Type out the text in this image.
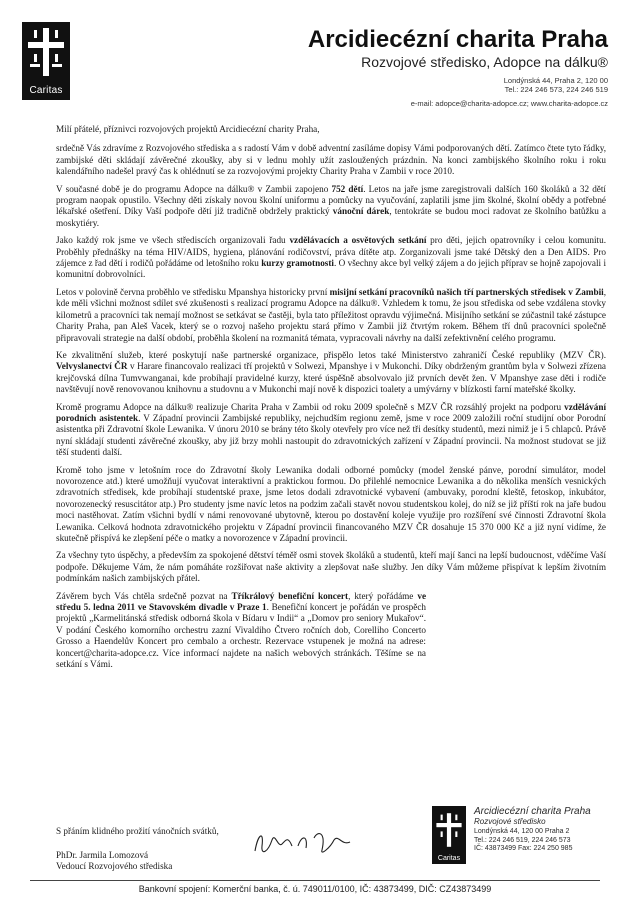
Caritas
Arcidiecézní charita Praha
Rozvojové středisko, Adopce na dálku®
Londýnská 44, Praha 2, 120 00
Tel.: 224 246 573, 224 246 519
e-mail: adopce@charita-adopce.cz; www.charita-adopce.cz

Milí přátelé, příznivci rozvojových projektů Arcidiecézní charity Praha,

srdečně Vás zdravíme z Rozvojového střediska a s radostí Vám v době adventní zasíláme dopisy Vámi podporovaných dětí. Zatímco čtete tyto řádky, zambijské děti skládají závěrečné zkoušky, aby si v lednu mohly užít zasloužených prázdnin. Na konci zambijského školního roku i roku kalendářního nadešel pravý čas k ohlédnutí se za rozvojovými projekty Charity Praha v Zambii v roce 2010.

V současné době je do programu Adopce na dálku® v Zambii zapojeno 752 dětí. Letos na jaře jsme zaregistrovali dalších 160 školáků a 32 dětí program naopak opustilo. Všechny děti získaly novou školní uniformu a pomůcky na vyučování, zaplatili jsme jim školné, školní obědy a potřebné lékařské ošetření. Díky Vaší podpoře dětí již tradičně obdržely praktický vánoční dárek, tentokráte se budou moci radovat ze školního batůžku a moskytiéry.

Jako každý rok jsme ve všech střediscích organizovali řadu vzdělávacích a osvětových setkání pro děti, jejich opatrovníky i celou komunitu. Proběhly přednášky na téma HIV/AIDS, hygiena, plánování rodičovství, práva dítěte atp. Zorganizovali jsme také Dětský den a Den AIDS. Pro zájemce z řad dětí i rodičů pořádáme od letošního roku kurzy gramotnosti. O všechny akce byl velký zájem a do jejich příprav se hojně zapojovali i komunitní dobrovolníci.

Letos v polovině června proběhlo ve středisku Mpanshya historicky první misijní setkání pracovníků našich tří partnerských středisek v Zambii, kde měli všichni možnost sdílet své zkušenosti s realizací programu Adopce na dálku®. Vzhledem k tomu, že jsou střediska od sebe vzdálena stovky kilometrů a pracovníci tak nemají možnost se setkávat se častěji, byla tato příležitost opravdu výjimečná. Misijního setkání se zúčastnil také zástupce Charity Praha, pan Aleš Vacek, který se o rozvoj našeho projektu stará přímo v Zambii již čtvrtým rokem. Během tří dnů pracovníci společně připravovali strategie na další období, proběhla školení na rozmanitá témata, vypracovali návrhy na další zefektivnění celého programu.

Ke zkvalitnění služeb, které poskytují naše partnerské organizace, přispělo letos také Ministerstvo zahraničí České republiky (MZV ČR). Velvyslanectví ČR v Harare financovalo realizaci tří projektů v Solwezi, Mpanshye i v Mukonchi. Díky obdrženým grantům byla v Solwezi zřízena krejčovská dílna Tumvwanganai, kde probíhají pravidelné kurzy, které úspěšně absolvovalo již prvních devět žen. V Mpanshye zase děti i rodiče navštěvují nově renovovanou knihovnu a studovnu a v Mukonchi mají nově k dispozici toalety a umývárny v blízkosti farní mateřské školky.

Kromě programu Adopce na dálku® realizuje Charita Praha v Zambii od roku 2009 společně s MZV ČR rozsáhlý projekt na podporu vzdělávání porodních asistentek. V Západní provincii Zambijské republiky, nejchudším regionu země, jsme v roce 2009 založili roční studijní obor Porodní asistentka při Zdravotní škole Lewanika. V únoru 2010 se brány této školy otevřely pro více než tři desítky studentů, mezi nimiž je i 5 chlapců. Právě nyní skládají studenti závěrečné zkoušky, aby již brzy mohli nastoupit do zdravotnických zařízení v Západní provincii. Na možnost studovat se již těší studenti další.

Kromě toho jsme v letošním roce do Zdravotní školy Lewanika dodali odborné pomůcky (model ženské pánve, porodní simulátor, model novorozence atd.) které umožňují vyučovat interaktivní a praktickou formou. Do přilehlé nemocnice Lewanika a do několika menších vesnických zdravotních středisek, kde probíhají studentské praxe, jsme letos dodali zdravotnické vybavení (ambuvaky, porodní kleště, fetoskop, inkubátor, novorozenecký resuscitátor atp.) Pro studenty jsme navíc letos na podzim začali stavět novou studentskou kolej, do níž se již příští rok na jaře budou moci nastěhovat. Zatím všichni bydlí v námi renovované ubytovně, kterou po dostavění koleje využije pro rozšíření své činnosti Zdravotní škola Lewanika. Celková hodnota zdravotnického projektu v Západní provincii financovaného MZV ČR dosahuje 15 370 000 Kč a již nyní vidíme, že skutečně přispívá ke zlepšení péče o matky a novorozence v Západní provincii.

Za všechny tyto úspěchy, a především za spokojené dětství téměř osmi stovek školáků a studentů, kteří mají šanci na lepší budoucnost, vděčíme Vaší podpoře. Děkujeme Vám, že nám pomáháte rozšiřovat naše aktivity a zlepšovat naše služby. Jen díky Vám můžeme přispívat k lepším životním podmínkám našich zambijských přátel.

Závěrem bych Vás chtěla srdečně pozvat na Tříkrálový benefiční koncert, který pořádáme ve středu 5. ledna 2011 ve Stavovském divadle v Praze 1. Benefiční koncert je pořádán ve prospěch projektů „Karmelitánská středisk odborná škola v Bídaru v Indii“ a „Domov pro seniory Mukařov“. V podání Českého komorního orchestru zazní Vivaldiho Čtvero ročních dob, Corelliho Concerto Grosso a Haendelův Koncert pro cembalo a orchestr. Rezervace vstupenek je možná na adrese: koncert@charita-adopce.cz. Více informací najdete na našich webových stránkách. Těšíme se na setkání s Vámi.

S přáním klidného prožití vánočních svátků,
PhDr. Jarmila Lomozová
Vedoucí Rozvojového střediska
Caritas
Arcidiecézní charita Praha
Rozvojové středisko
Londýnská 44, 120 00 Praha 2
Tel.: 224 246 519, 224 246 573
IČ: 43873499 Fax: 224 250 985
Bankovní spojení: Komerční banka, č. ú. 749011/0100, IČ: 43873499, DIČ: CZ43873499
